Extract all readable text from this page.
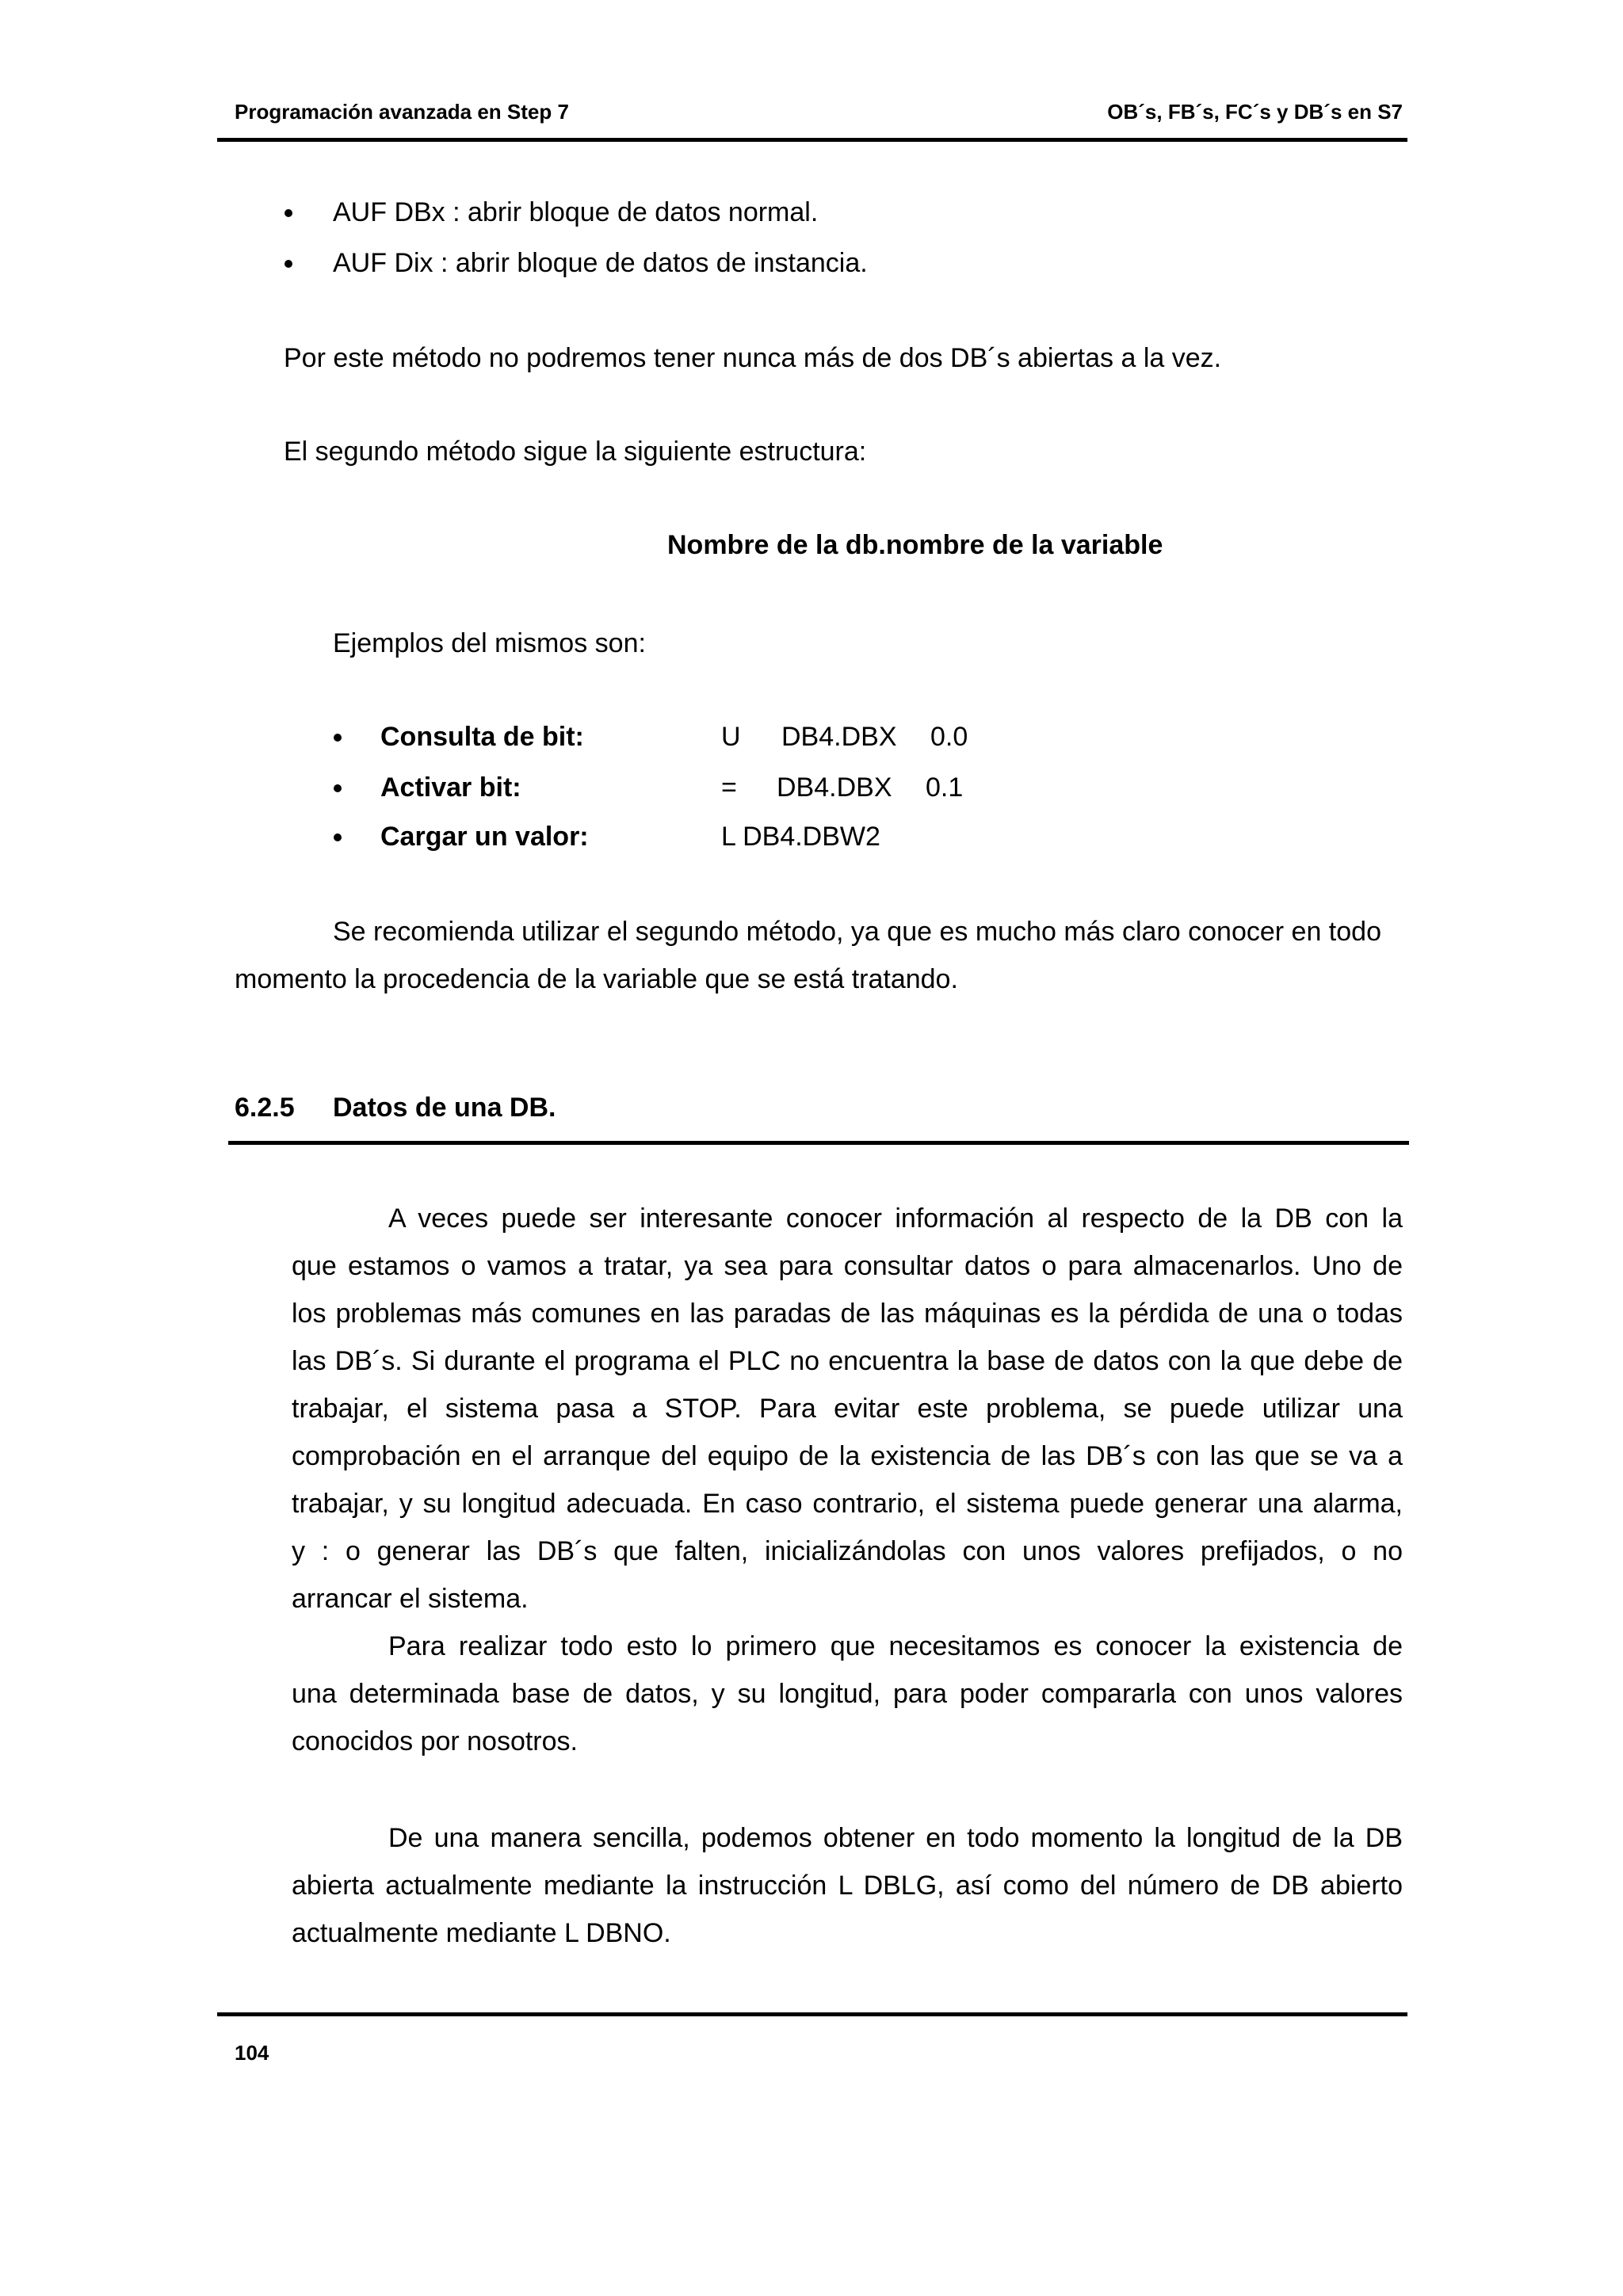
Programación avanzada en Step 7	OB´s, FB´s, FC´s y DB´s en S7
AUF DBx : abrir bloque de datos normal.
AUF Dix : abrir bloque de datos de instancia.
Por este método no podremos tener nunca más de dos DB´s abiertas a la vez.
El segundo método sigue la siguiente estructura:
Nombre de la db.nombre de la variable
Ejemplos del mismos son:
Consulta de bit:	U DB4.DBX 0.0
Activar bit:	= DB4.DBX 0.1
Cargar un valor:	L DB4.DBW2
Se recomienda utilizar el segundo método, ya que es mucho más claro conocer en todo
momento la procedencia de la variable que se está tratando.
6.2.5 Datos de una DB.
A veces puede ser interesante conocer información al respecto de la DB con la
que estamos o vamos a tratar, ya sea para consultar datos o para almacenarlos. Uno de
los problemas más comunes en las paradas de las máquinas es la pérdida de una o todas
las DB´s. Si durante el programa el PLC no encuentra la base de datos con la que debe de
trabajar, el sistema pasa a STOP. Para evitar este problema, se puede utilizar una
comprobación en el arranque del equipo de la existencia de las DB´s con las que se va a
trabajar, y su longitud adecuada. En caso contrario, el sistema puede generar una alarma,
y : o generar las DB´s que falten, inicializándolas con unos valores prefijados, o no
arrancar el sistema.
Para realizar todo esto lo primero que necesitamos es conocer la existencia de
una determinada base de datos, y su longitud, para poder compararla con unos valores
conocidos por nosotros.
De una manera sencilla, podemos obtener en todo momento la longitud de la DB
abierta actualmente mediante la instrucción L DBLG, así como del número de DB abierto
actualmente mediante L DBNO.
104
